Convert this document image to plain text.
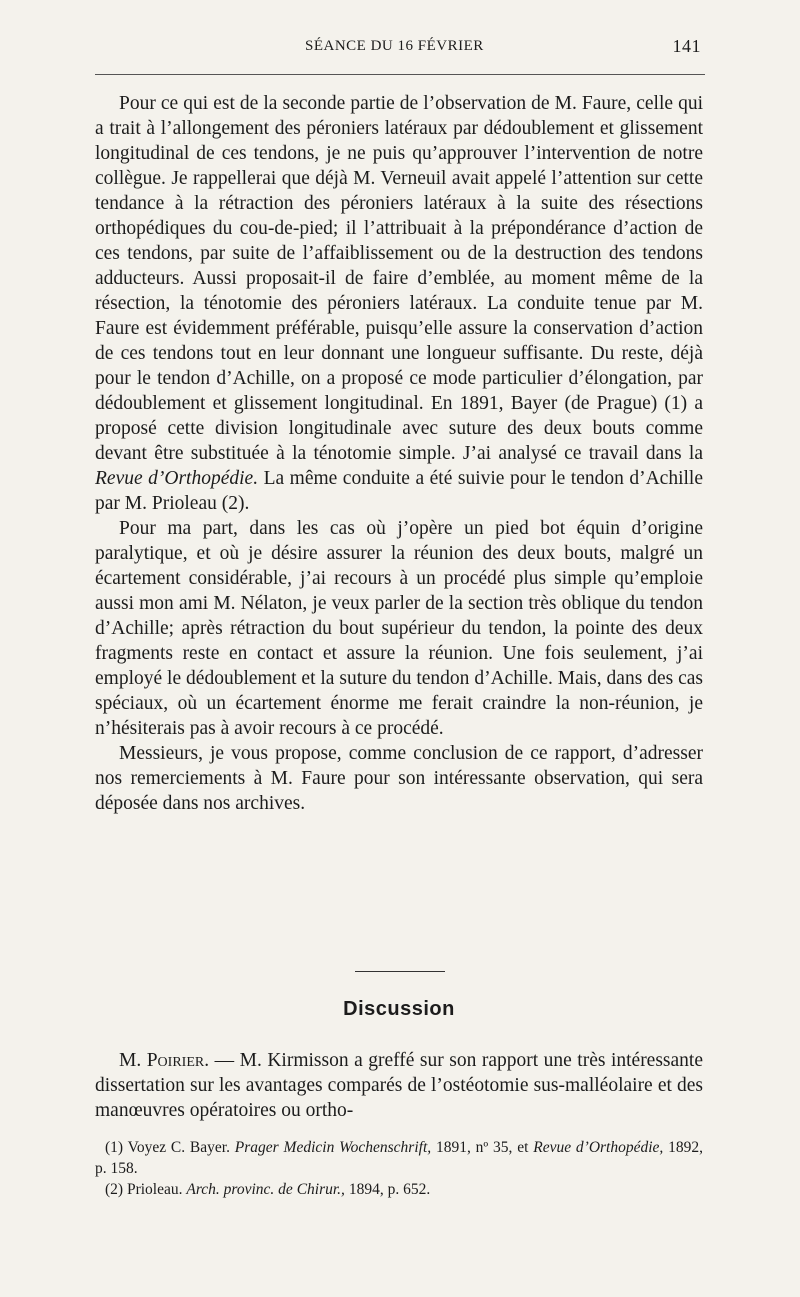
SÉANCE DU 16 FÉVRIER	141

Pour ce qui est de la seconde partie de l’observation de M. Faure, celle qui a trait à l’allongement des péroniers latéraux par dédoublement et glissement longitudinal de ces tendons, je ne puis qu’approuver l’intervention de notre collègue. Je rappellerai que déjà M. Verneuil avait appelé l’attention sur cette tendance à la rétraction des péroniers latéraux à la suite des résections orthopédiques du cou-de-pied; il l’attribuait à la prépondérance d’action de ces tendons, par suite de l’affaiblissement ou de la destruction des tendons adducteurs. Aussi proposait-il de faire d’emblée, au moment même de la résection, la ténotomie des péroniers latéraux. La conduite tenue par M. Faure est évidemment préférable, puisqu’elle assure la conservation d’action de ces tendons tout en leur donnant une longueur suffisante. Du reste, déjà pour le tendon d’Achille, on a proposé ce mode particulier d’élongation, par dédoublement et glissement longitudinal. En 1891, Bayer (de Prague) (1) a proposé cette division longitudinale avec suture des deux bouts comme devant être substituée à la ténotomie simple. J’ai analysé ce travail dans la Revue d’Orthopédie. La même conduite a été suivie pour le tendon d’Achille par M. Prioleau (2).

Pour ma part, dans les cas où j’opère un pied bot équin d’origine paralytique, et où je désire assurer la réunion des deux bouts, malgré un écartement considérable, j’ai recours à un procédé plus simple qu’emploie aussi mon ami M. Nélaton, je veux parler de la section très oblique du tendon d’Achille; après rétraction du bout supérieur du tendon, la pointe des deux fragments reste en contact et assure la réunion. Une fois seulement, j’ai employé le dédoublement et la suture du tendon d’Achille. Mais, dans des cas spéciaux, où un écartement énorme me ferait craindre la non-réunion, je n’hésiterais pas à avoir recours à ce procédé.

Messieurs, je vous propose, comme conclusion de ce rapport, d’adresser nos remerciements à M. Faure pour son intéressante observation, qui sera déposée dans nos archives.

Discussion

M. Poirier. — M. Kirmisson a greffé sur son rapport une très intéressante dissertation sur les avantages comparés de l’ostéotomie sus-malléolaire et des manœuvres opératoires ou ortho-

(1) Voyez C. Bayer. Prager Medicin Wochenschrift, 1891, nº 35, et Revue d’Orthopédie, 1892, p. 158.

(2) Prioleau. Arch. provinc. de Chirur., 1894, p. 652.
